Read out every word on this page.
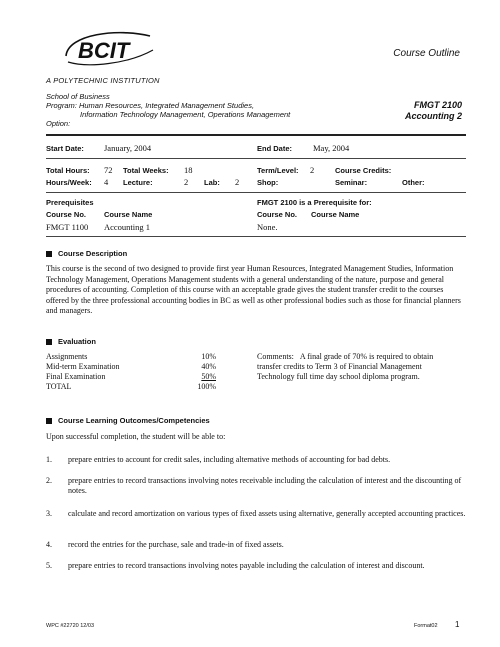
BCIT	Course Outline
A POLYTECHNIC INSTITUTION
School of Business
Program: Human Resources, Integrated Management Studies,
Information Technology Management, Operations Management
Option:
FMGT 2100
Accounting 2
Start Date: January, 2004	End Date: May, 2004
Total Hours: 72 Total Weeks: 18	Term/Level: 2	Course Credits:
Hours/Week: 4 Lecture:	2 Lab: 2 Shop:	Seminar:	Other:
Prerequisites
Course No. Course Name
FMGT 1100 Accounting 1
FMGT 2100 is a Prerequisite for:
Course No. Course Name
None.
Course Description
This course is the second of two designed to provide first year Human Resources, Integrated Management Studies, Information Technology Management, Operations Management students with a general understanding of the nature, purpose and general procedures of accounting. Completion of this course with an acceptable grade gives the student transfer credit to the courses offered by the three professional accounting bodies in BC as well as other professional bodies such as those for financial planners and managers.
Evaluation
Assignments	10%
Mid-term Examination	40%
Final Examination	50%
TOTAL	100%
Comments: A final grade of 70% is required to obtain
transfer credits to Term 3 of Financial Management
Technology full time day school diploma program.
Course Learning Outcomes/Competencies
Upon successful completion, the student will be able to:
1. prepare entries to account for credit sales, including alternative methods of accounting for bad debts.
2. prepare entries to record transactions involving notes receivable including the calculation of interest and the discounting of notes.
3. calculate and record amortization on various types of fixed assets using alternative, generally accepted accounting practices.
4. record the entries for the purchase, sale and trade-in of fixed assets.
5. prepare entries to record transactions involving notes payable including the calculation of interest and discount.
WPC #22720 12/03	Format02 1
